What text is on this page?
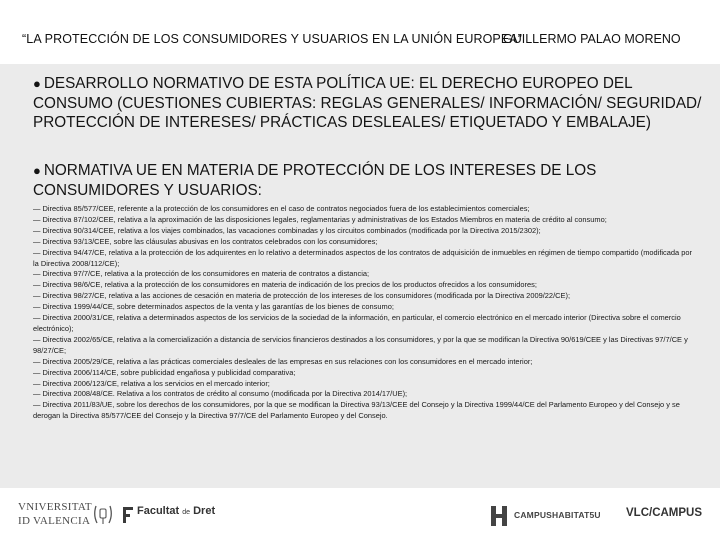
“LA PROTECCIÓN DE LOS CONSUMIDORES Y USUARIOS EN LA UNIÓN EUROPEA”
GUILLERMO PALAO MORENO
● DESARROLLO NORMATIVO DE ESTA POLÍTICA UE: EL DERECHO EUROPEO DEL CONSUMO (CUESTIONES CUBIERTAS: REGLAS GENERALES/ INFORMACIÓN/ SEGURIDAD/ PROTECCIÓN DE INTERESES/ PRÁCTICAS DESLEALES/ ETIQUETADO Y EMBALAJE)
● NORMATIVA UE EN MATERIA DE PROTECCIÓN DE LOS INTERESES DE LOS CONSUMIDORES Y USUARIOS:
— Directiva 85/577/CEE, referente a la protección de los consumidores en el caso de contratos negociados fuera de los establecimientos comerciales;
— Directiva 87/102/CEE, relativa a la aproximación de las disposiciones legales, reglamentarias y administrativas de los Estados Miembros en materia de crédito al consumo;
— Directiva 90/314/CEE, relativa a los viajes combinados, las vacaciones combinadas y los circuitos combinados (modificada por la Directiva 2015/2302);
— Directiva 93/13/CEE, sobre las cláusulas abusivas en los contratos celebrados con los consumidores;
— Directiva 94/47/CE, relativa a la protección de los adquirentes en lo relativo a determinados aspectos de los contratos de adquisición de inmuebles en régimen de tiempo compartido (modificada por la Directiva 2008/112/CE);
— Directiva 97/7/CE, relativa a la protección de los consumidores en materia de contratos a distancia;
— Directiva 98/6/CE, relativa a la protección de los consumidores en materia de indicación de los precios de los productos ofrecidos a los consumidores;
— Directiva 98/27/CE, relativa a las acciones de cesación en materia de protección de los intereses de los consumidores (modificada por la Directiva 2009/22/CE);
— Directiva 1999/44/CE, sobre determinados aspectos de la venta y las garantías de los bienes de consumo;
— Directiva 2000/31/CE, relativa a determinados aspectos de los servicios de la sociedad de la información, en particular, el comercio electrónico en el mercado interior (Directiva sobre el comercio electrónico);
— Directiva 2002/65/CE, relativa a la comercialización a distancia de servicios financieros destinados a los consumidores, y por la que se modifican la Directiva 90/619/CEE y las Directivas 97/7/CE y 98/27/CE;
— Directiva 2005/29/CE, relativa a las prácticas comerciales desleales de las empresas en sus relaciones con los consumidores en el mercado interior;
— Directiva 2006/114/CE, sobre publicidad engañosa y publicidad comparativa;
— Directiva 2006/123/CE, relativa a los servicios en el mercado interior;
— Directiva 2008/48/CE. Relativa a los contratos de crédito al consumo (modificada por la Directiva 2014/17/UE);
— Directiva 2011/83/UE, sobre los derechos de los consumidores, por la que se modifican la Directiva 93/13/CEE del Consejo y la Directiva 1999/44/CE del Parlamento Europeo y del Consejo y se derogan la Directiva 85/577/CEE del Consejo y la Directiva 97/7/CE del Parlamento Europeo y del Consejo.
VNIVERSITAT
ID VALENCIA
Facultat de Dret	CAMPUSHABITAT5U VLC/CAMPUS
